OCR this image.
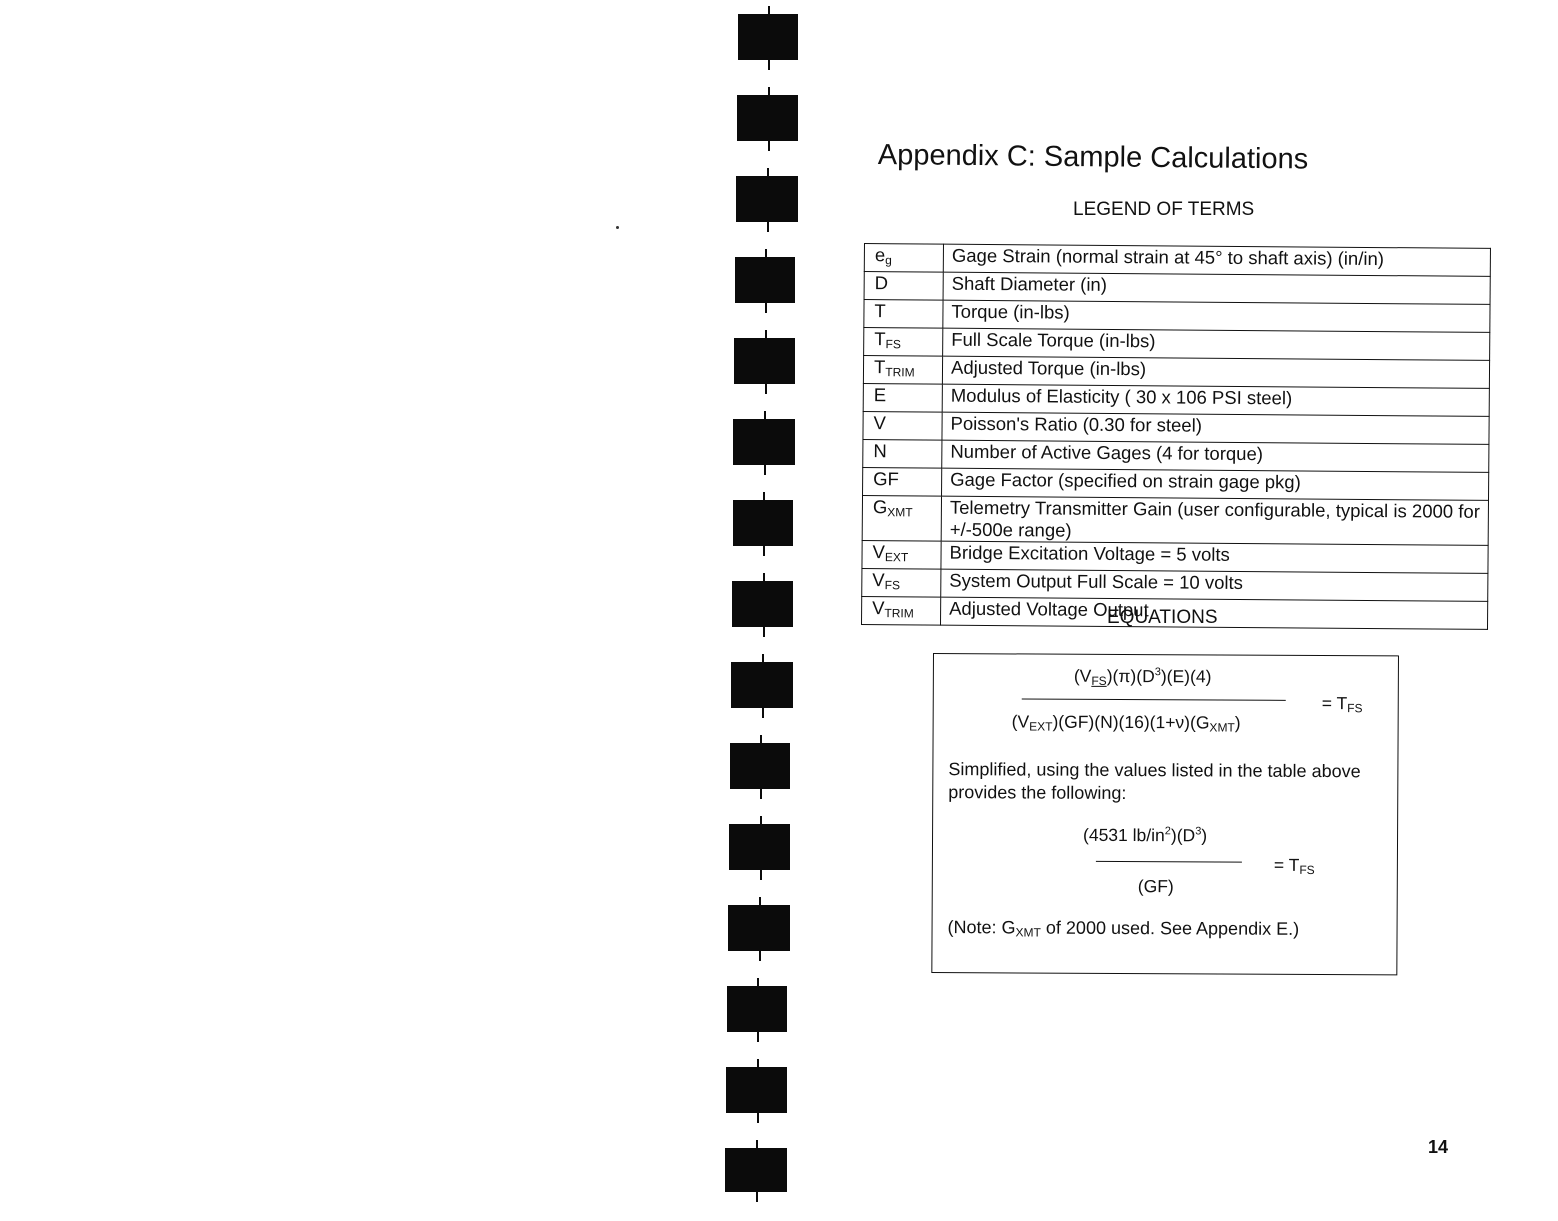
Appendix C: Sample Calculations
LEGEND OF TERMS
$e_g$	Gage Strain (normal strain at 45° to shaft axis) (in/in)
D	Shaft Diameter (in)
T	Torque (in-lbs)
$T_{FS}$	Full Scale Torque (in-lbs)
$T_{TRIM}$	Adjusted Torque (in-lbs)
E	Modulus of Elasticity ( 30 x 106 PSI steel)
V	Poisson's Ratio (0.30 for steel)
N	Number of Active Gages (4 for torque)
GF	Gage Factor (specified on strain gage pkg)
$G_{XMT}$	Telemetry Transmitter Gain (user configurable, typical is 2000 for +/-500e range)
$V_{EXT}$	Bridge Excitation Voltage = 5 volts
$V_{FS}$	System Output Full Scale = 10 volts
$V_{TRIM}$	Adjusted Voltage Output
EQUATIONS
$(V_{FS})(\pi)(D^3)(E)(4)$
$(V_{EXT})(GF)(N)(16)(1+\nu)(G_{XMT})$
= $T_{FS}$
Simplified, using the values listed in the table above provides the following:
(4531 $lb/in^2)(D^3)$
(GF)
= $T_{FS}$
(Note: $G_{XMT}$ of 2000 used. See Appendix E.)
14
